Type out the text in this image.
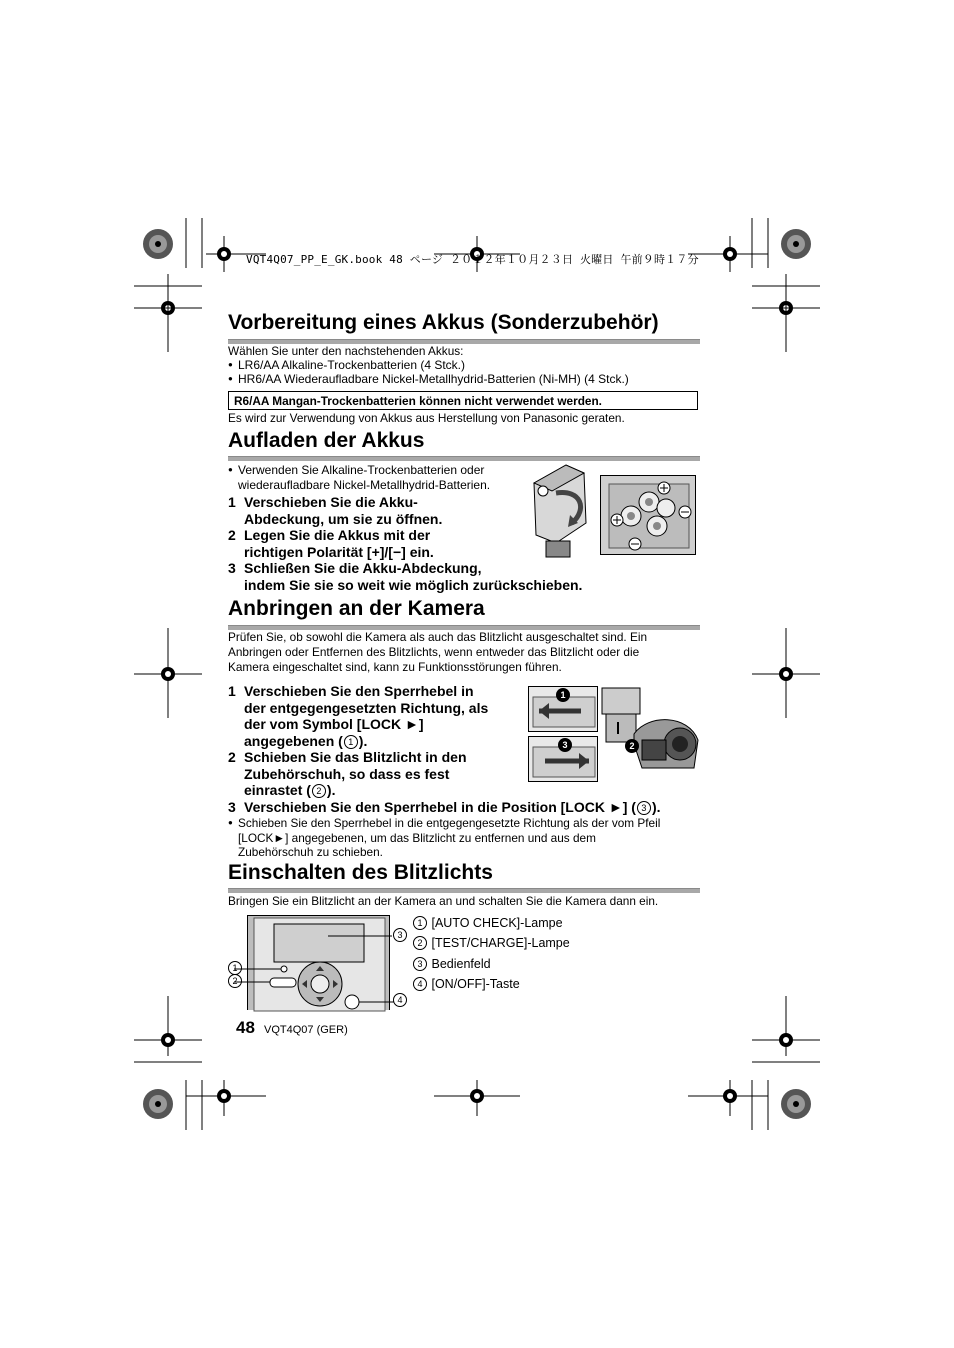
VQT4Q07_PP_E_GK.book 48 ページ ２０１２年１０月２３日 火曜日 午前９時１７分
Vorbereitung eines Akkus (Sonderzubehör)
Wählen Sie unter den nachstehenden Akkus:
● LR6/AA Alkaline-Trockenbatterien (4 Stck.)
● HR6/AA Wiederaufladbare Nickel-Metallhydrid-Batterien (Ni-MH) (4 Stck.)
R6/AA Mangan-Trockenbatterien können nicht verwendet werden.
Es wird zur Verwendung von Akkus aus Herstellung von Panasonic geraten.
Aufladen der Akkus
● Verwenden Sie Alkaline-Trockenbatterien oder
wiederaufladbare Nickel-Metallhydrid-Batterien.
1 Verschieben Sie die Akku-
Abdeckung, um sie zu öffnen.
2 Legen Sie die Akkus mit der
richtigen Polarität [+]/[−] ein.
3 Schließen Sie die Akku-Abdeckung,
indem Sie sie so weit wie möglich zurückschieben.
Anbringen an der Kamera
Prüfen Sie, ob sowohl die Kamera als auch das Blitzlicht ausgeschaltet sind. Ein
Anbringen oder Entfernen des Blitzlichts, wenn entweder das Blitzlicht oder die
Kamera eingeschaltet sind, kann zu Funktionsstörungen führen.
1 Verschieben Sie den Sperrhebel in
der entgegengesetzten Richtung, als
der vom Symbol [LOCK ►]
angegebenen ( 1 ).
2 Schieben Sie das Blitzlicht in den
Zubehörschuh, so dass es fest
einrastet ( 2 ).
3 Verschieben Sie den Sperrhebel in die Position [LOCK ►] ( 3 ).
● Schieben Sie den Sperrhebel in die entgegengesetzte Richtung als der vom Pfeil
[LOCK►] angegebenen, um das Blitzlicht zu entfernen und aus dem
Zubehörschuh zu schieben.
1
3	2
Einschalten des Blitzlichts
Bringen Sie ein Blitzlicht an der Kamera an und schalten Sie die Kamera dann ein.
1
2
3
4
1 [AUTO CHECK]-Lampe
2 [TEST/CHARGE]-Lampe
3 Bedienfeld
4 [ON/OFF]-Taste
48 VQT4Q07 (GER)
